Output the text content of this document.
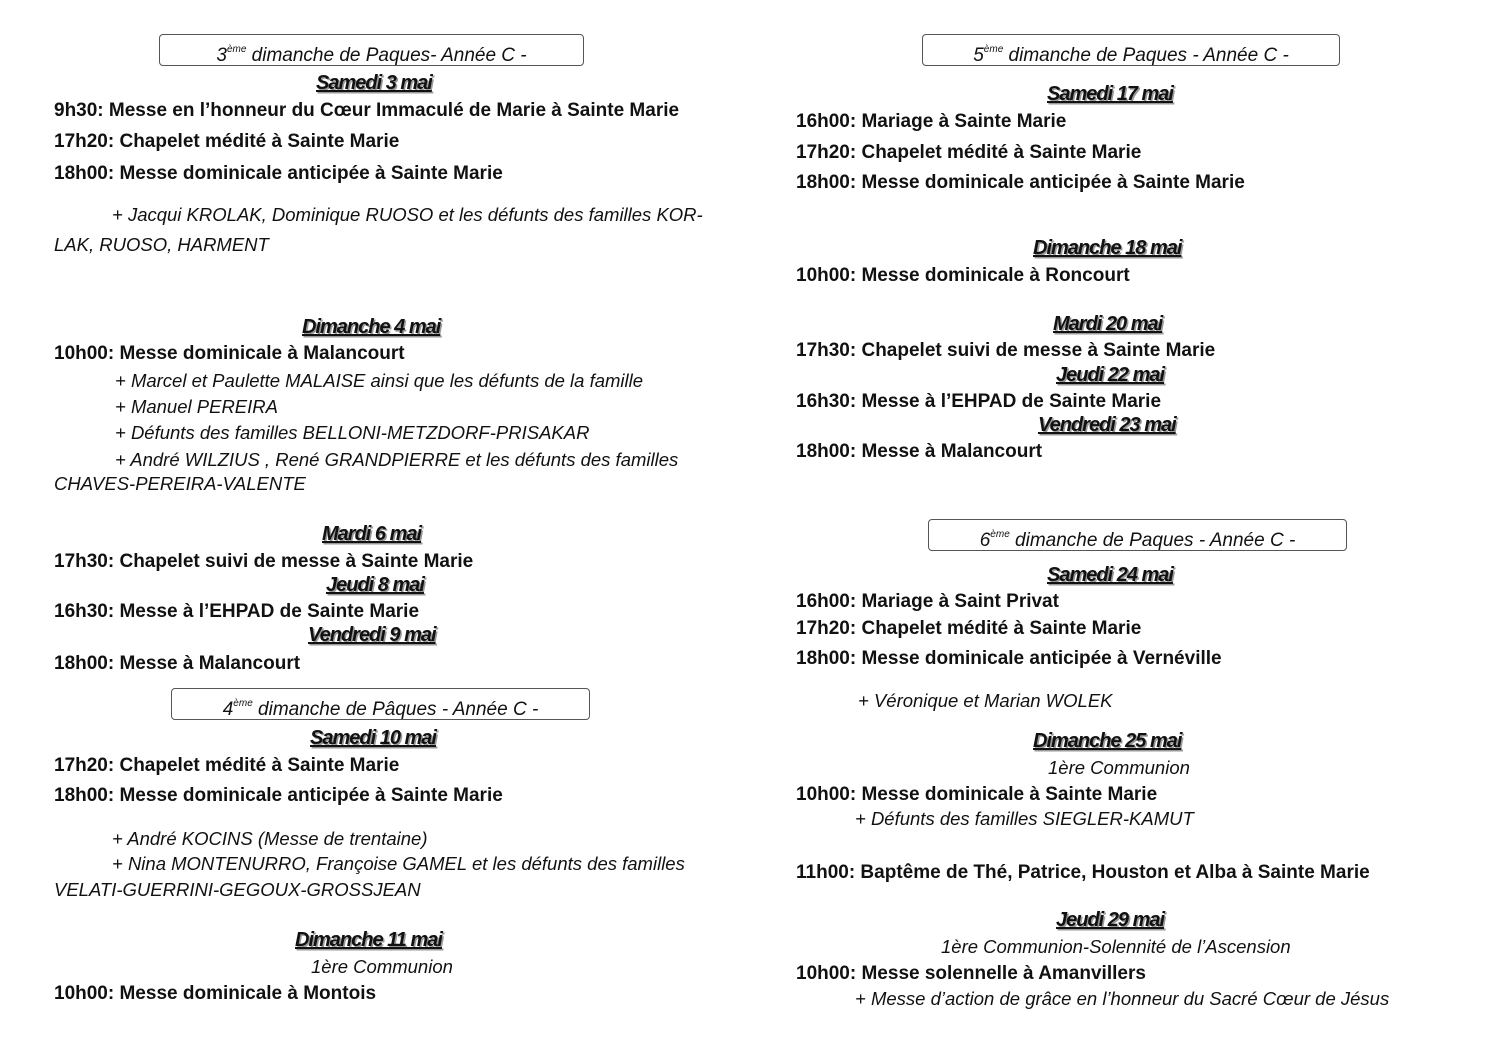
3ème dimanche de Paques- Année C -
Samedi 3 mai
9h30: Messe en l’honneur du Cœur Immaculé de Marie à Sainte Marie
17h20: Chapelet médité à Sainte Marie
18h00: Messe dominicale anticipée à Sainte Marie
+ Jacqui KROLAK, Dominique RUOSO et les défunts des familles KOR-
LAK, RUOSO, HARMENT
Dimanche 4 mai
10h00: Messe dominicale à Malancourt
+ Marcel et Paulette MALAISE ainsi que les défunts de la famille
+ Manuel PEREIRA
+ Défunts des familles BELLONI-METZDORF-PRISAKAR
+ André WILZIUS , René GRANDPIERRE et les défunts des familles
CHAVES-PEREIRA-VALENTE
Mardi 6 mai
17h30: Chapelet suivi de messe à Sainte Marie
Jeudi 8 mai
16h30: Messe à l’EHPAD de Sainte Marie
Vendredi 9 mai
18h00: Messe à Malancourt
4ème dimanche de Pâques - Année C -
Samedi 10 mai
17h20: Chapelet médité à Sainte Marie
18h00: Messe dominicale anticipée à Sainte Marie
+ André KOCINS (Messe de trentaine)
+ Nina MONTENURRO, Françoise GAMEL et les défunts des familles
VELATI-GUERRINI-GEGOUX-GROSSJEAN
Dimanche 11 mai
1ère Communion
10h00: Messe dominicale à Montois
5ème dimanche de Paques - Année C -
Samedi 17 mai
16h00: Mariage à Sainte Marie
17h20: Chapelet médité à Sainte Marie
18h00: Messe dominicale anticipée à Sainte Marie
Dimanche 18 mai
10h00: Messe dominicale à Roncourt
Mardi 20 mai
17h30: Chapelet suivi de messe à Sainte Marie
Jeudi 22 mai
16h30: Messe à l’EHPAD de Sainte Marie
Vendredi 23 mai
18h00: Messe à Malancourt
6ème dimanche de Paques - Année C -
Samedi 24 mai
16h00: Mariage à Saint Privat
17h20: Chapelet médité à Sainte Marie
18h00: Messe dominicale anticipée à Vernéville
+ Véronique et Marian WOLEK
Dimanche 25 mai
1ère Communion
10h00: Messe dominicale à Sainte Marie
+ Défunts des familles SIEGLER-KAMUT
11h00: Baptême de Thé, Patrice, Houston et Alba à Sainte Marie
Jeudi 29 mai
1ère Communion-Solennité de l’Ascension
10h00: Messe solennelle à Amanvillers
+ Messe d’action de grâce en l’honneur du Sacré Cœur de Jésus
